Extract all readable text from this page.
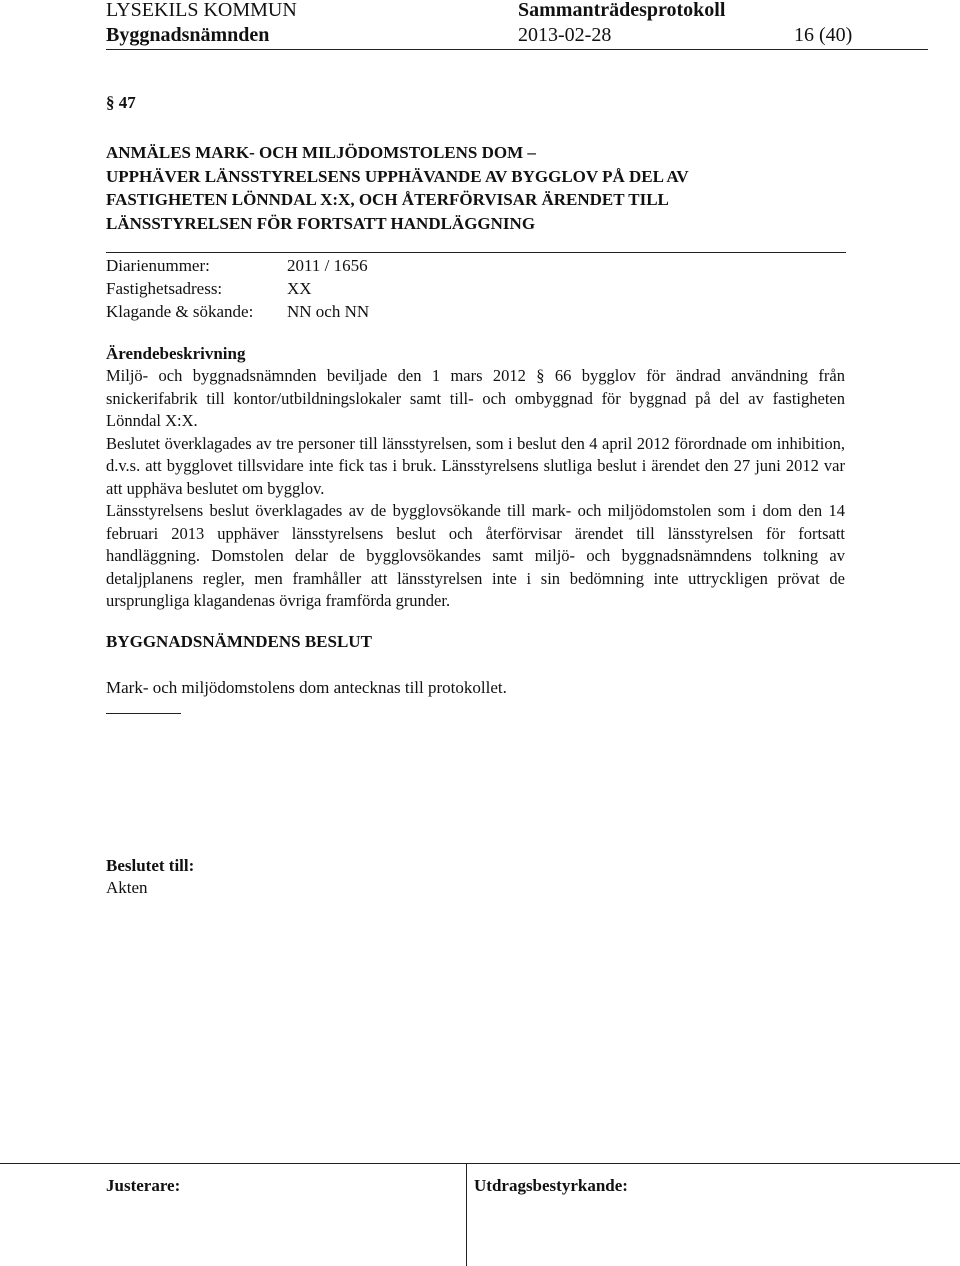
LYSEKILS KOMMUN	Sammanträdesprotokoll
Byggnadsnämnden	2013-02-28	16 (40)
§ 47
ANMÄLES MARK- OCH MILJÖDOMSTOLENS DOM –
UPPHÄVER LÄNSSTYRELSENS UPPHÄVANDE AV BYGGLOV PÅ DEL AV
FASTIGHETEN LÖNNDAL X:X, OCH ÅTERFÖRVISAR ÄRENDET TILL
LÄNSSTYRELSEN FÖR FORTSATT HANDLÄGGNING
Diarienummer:	2011 / 1656
Fastighetsadress:	XX
Klagande & sökande: NN och NN
Ärendebeskrivning

Miljö- och byggnadsnämnden beviljade den 1 mars 2012 § 66 bygglov för ändrad användning från snickerifabrik till kontor/utbildningslokaler samt till- och ombyggnad för byggnad på del av fastigheten Lönndal X:X.

Beslutet överklagades av tre personer till länsstyrelsen, som i beslut den 4 april 2012 förordnade om inhibition, d.v.s. att bygglovet tillsvidare inte fick tas i bruk. Länsstyrelsens slutliga beslut i ärendet den 27 juni 2012 var att upphäva beslutet om bygglov.

Länsstyrelsens beslut överklagades av de bygglovsökande till mark- och miljödomstolen som i dom den 14 februari 2013 upphäver länsstyrelsens beslut och återförvisar ärendet till länsstyrelsen för fortsatt handläggning. Domstolen delar de bygglovsökandes samt miljö- och byggnadsnämndens tolkning av detaljplanens regler, men framhåller att länsstyrelsen inte i sin bedömning inte uttryckligen prövat de ursprungliga klagandenas övriga framförda grunder.

BYGGNADSNÄMNDENS BESLUT
Mark- och miljödomstolens dom antecknas till protokollet.
Beslutet till:
Akten
Justerare:	Utdragsbestyrkande:
